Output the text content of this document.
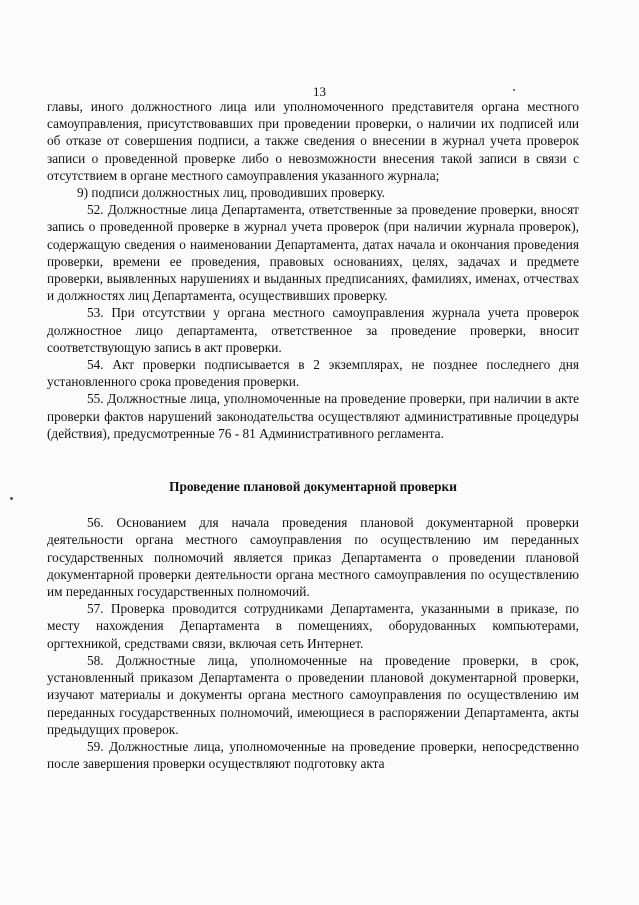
13

главы, иного должностного лица или уполномоченного представителя органа местного самоуправления, присутствовавших при проведении проверки, о наличии их подписей или об отказе от совершения подписи, а также сведения о внесении в журнал учета проверок записи о проведенной проверке либо о невозможности внесения такой записи в связи с отсутствием в органе местного самоуправления указанного журнала;

9) подписи должностных лиц, проводивших проверку.

52. Должностные лица Департамента, ответственные за проведение проверки, вносят запись о проведенной проверке в журнал учета проверок (при наличии журнала проверок), содержащую сведения о наименовании Департамента, датах начала и окончания проведения проверки, времени ее проведения, правовых основаниях, целях, задачах и предмете проверки, выявленных нарушениях и выданных предписаниях, фамилиях, именах, отчествах и должностях лиц Департамента, осуществивших проверку.

53. При отсутствии у органа местного самоуправления журнала учета проверок должностное лицо департамента, ответственное за проведение проверки, вносит соответствующую запись в акт проверки.

54. Акт проверки подписывается в 2 экземплярах, не позднее последнего дня установленного срока проведения проверки.

55. Должностные лица, уполномоченные на проведение проверки, при наличии в акте проверки фактов нарушений законодательства осуществляют административные процедуры (действия), предусмотренные 76 - 81 Административного регламента.

Проведение плановой документарной проверки

56. Основанием для начала проведения плановой документарной проверки деятельности органа местного самоуправления по осуществлению им переданных государственных полномочий является приказ Департамента о проведении плановой документарной проверки деятельности органа местного самоуправления по осуществлению им переданных государственных полномочий.

57. Проверка проводится сотрудниками Департамента, указанными в приказе, по месту нахождения Департамента в помещениях, оборудованных компьютерами, оргтехникой, средствами связи, включая сеть Интернет.

58. Должностные лица, уполномоченные на проведение проверки, в срок, установленный приказом Департамента о проведении плановой документарной проверки, изучают материалы и документы органа местного самоуправления по осуществлению им переданных государственных полномочий, имеющиеся в распоряжении Департамента, акты предыдущих проверок.

59. Должностные лица, уполномоченные на проведение проверки, непосредственно после завершения проверки осуществляют подготовку акта
